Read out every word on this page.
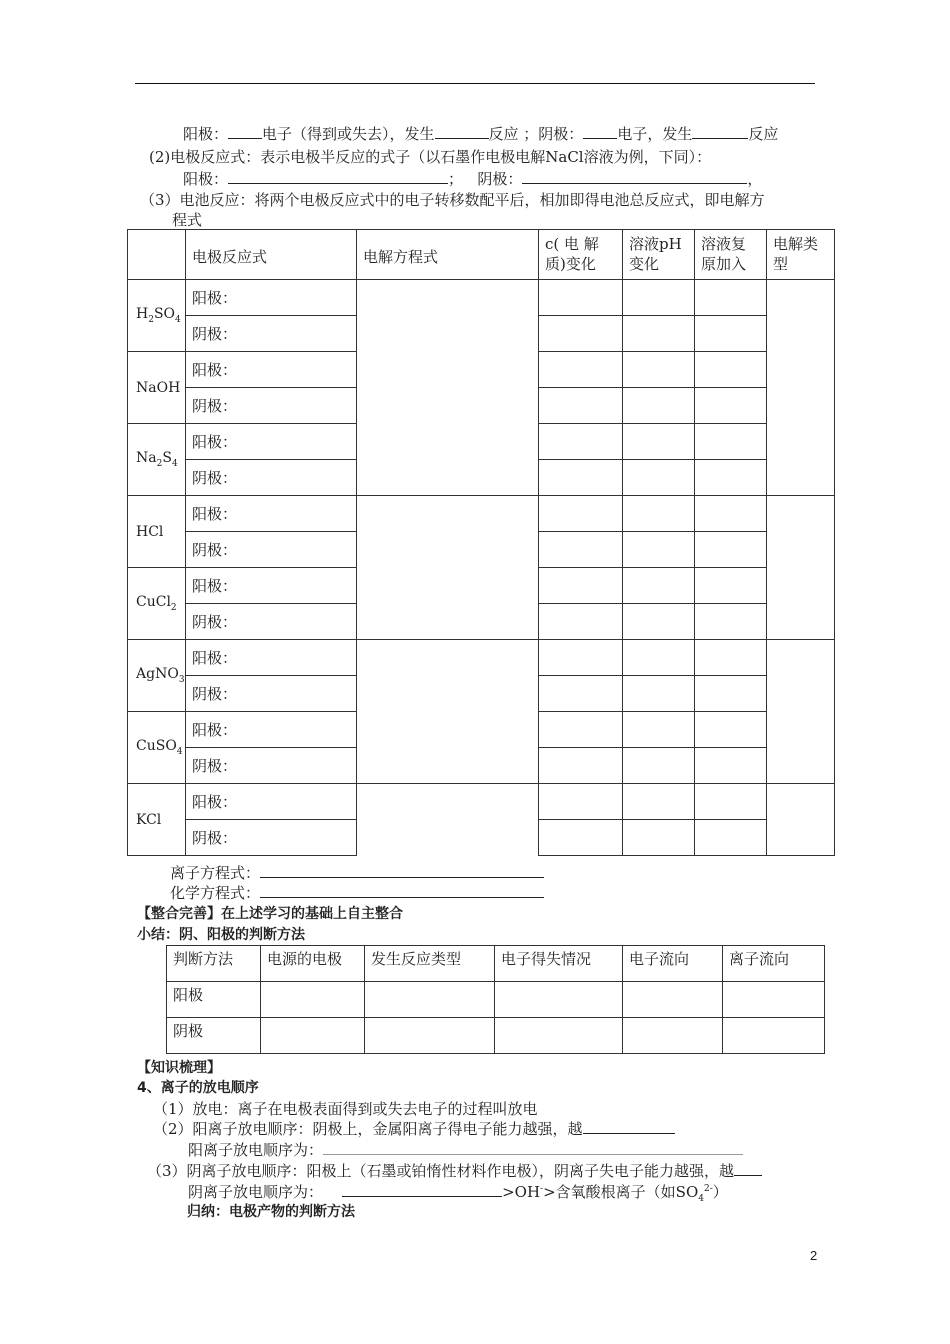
阳极： 电子（得到或失去），发生	反应 ；阴极： 电子，发生	反应
(2)电极反应式：表示电极半反应的式子（以石墨作电极电解NaCl溶液为例，下同）：
阳极：	； 阴极：	，
（3）电池反应：将两个电极反应式中的电子转移数配平后，相加即得电池总反应式，即电解方
程式
	电极反应式	电解方程式	c( 电 解 质)变化	溶液pH 变化	溶液复 原加入	电解类 型
$H_2SO_4$	阳极：					
	阴极：					
NaOH	阳极：					
	阴极：					
$Na_2S_4$	阳极：					
	阴极：					
HCl	阳极：					
	阴极：					
CuCl$_2$	阳极：					
	阴极：					
AgNO$_3$	阳极：					
	阴极：					
CuSO$_4$	阳极：					
	阴极：					
KCl	阳极：					
	阴极：					
离子方程式：
化学方程式：
【整合完善】在上述学习的基础上自主整合
小结：阴、阳极的判断方法
判断方法	电源的电极	发生反应类型	电子得失情况	电子流向	离子流向
阳极					
阴极					
【知识梳理】
4、离子的放电顺序
（1）放电：离子在电极表面得到或失去电子的过程叫放电
（2）阳离子放电顺序：阴极上，金属阳离子得电子能力越强，越
阳离子放电顺序为：
（3）阴离子放电顺序：阳极上（石墨或铂惰性材料作电极），阴离子失电子能力越强，越
阴离子放电顺序为：	>OH->含氧酸根离子（如$SO_4^{2-}$）
归纳：电极产物的判断方法
2
